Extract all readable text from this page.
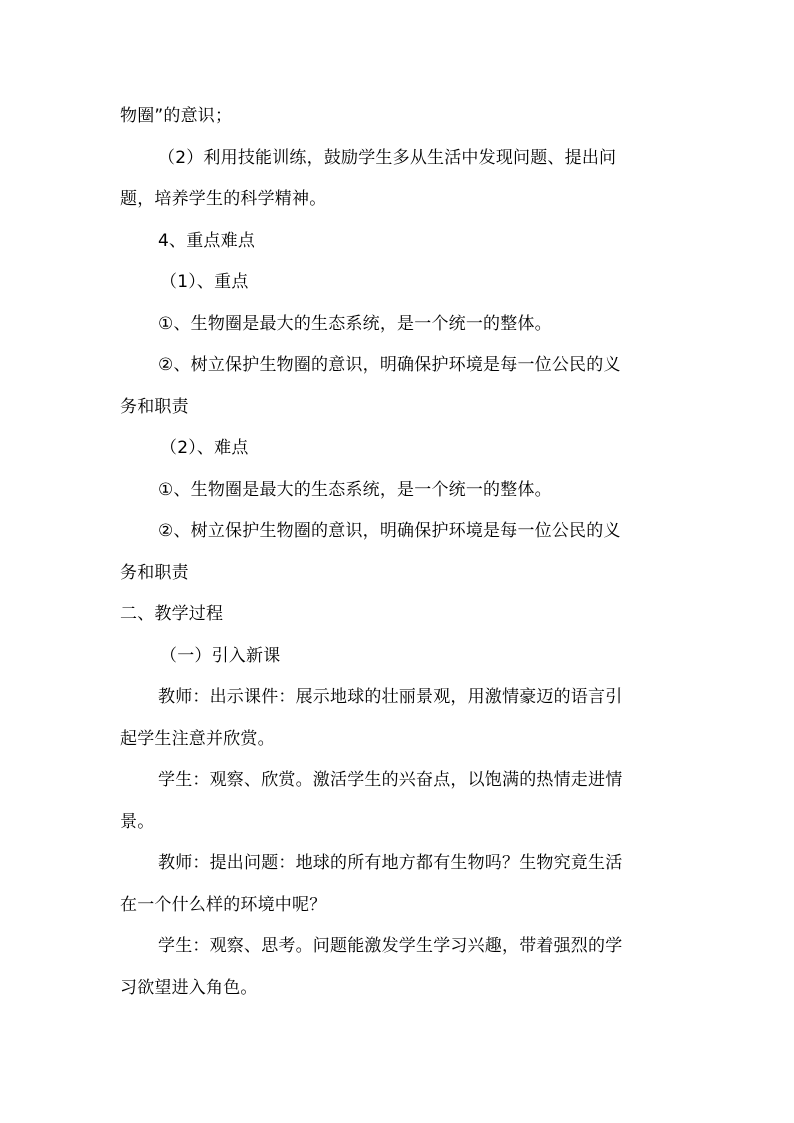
物圈”的意识；
（2）利用技能训练，鼓励学生多从生活中发现问题、提出问
题，培养学生的科学精神。
4、重点难点
（1）、重点
①、生物圈是最大的生态系统，是一个统一的整体。
②、树立保护生物圈的意识，明确保护环境是每一位公民的义
务和职责
（2）、难点
①、生物圈是最大的生态系统，是一个统一的整体。
②、树立保护生物圈的意识，明确保护环境是每一位公民的义
务和职责
二、教学过程
（一）引入新课
教师：出示课件：展示地球的壮丽景观，用激情豪迈的语言引
起学生注意并欣赏。
学生：观察、欣赏。激活学生的兴奋点，以饱满的热情走进情
景。
教师：提出问题：地球的所有地方都有生物吗？生物究竟生活
在一个什么样的环境中呢？
学生：观察、思考。问题能激发学生学习兴趣，带着强烈的学
习欲望进入角色。
